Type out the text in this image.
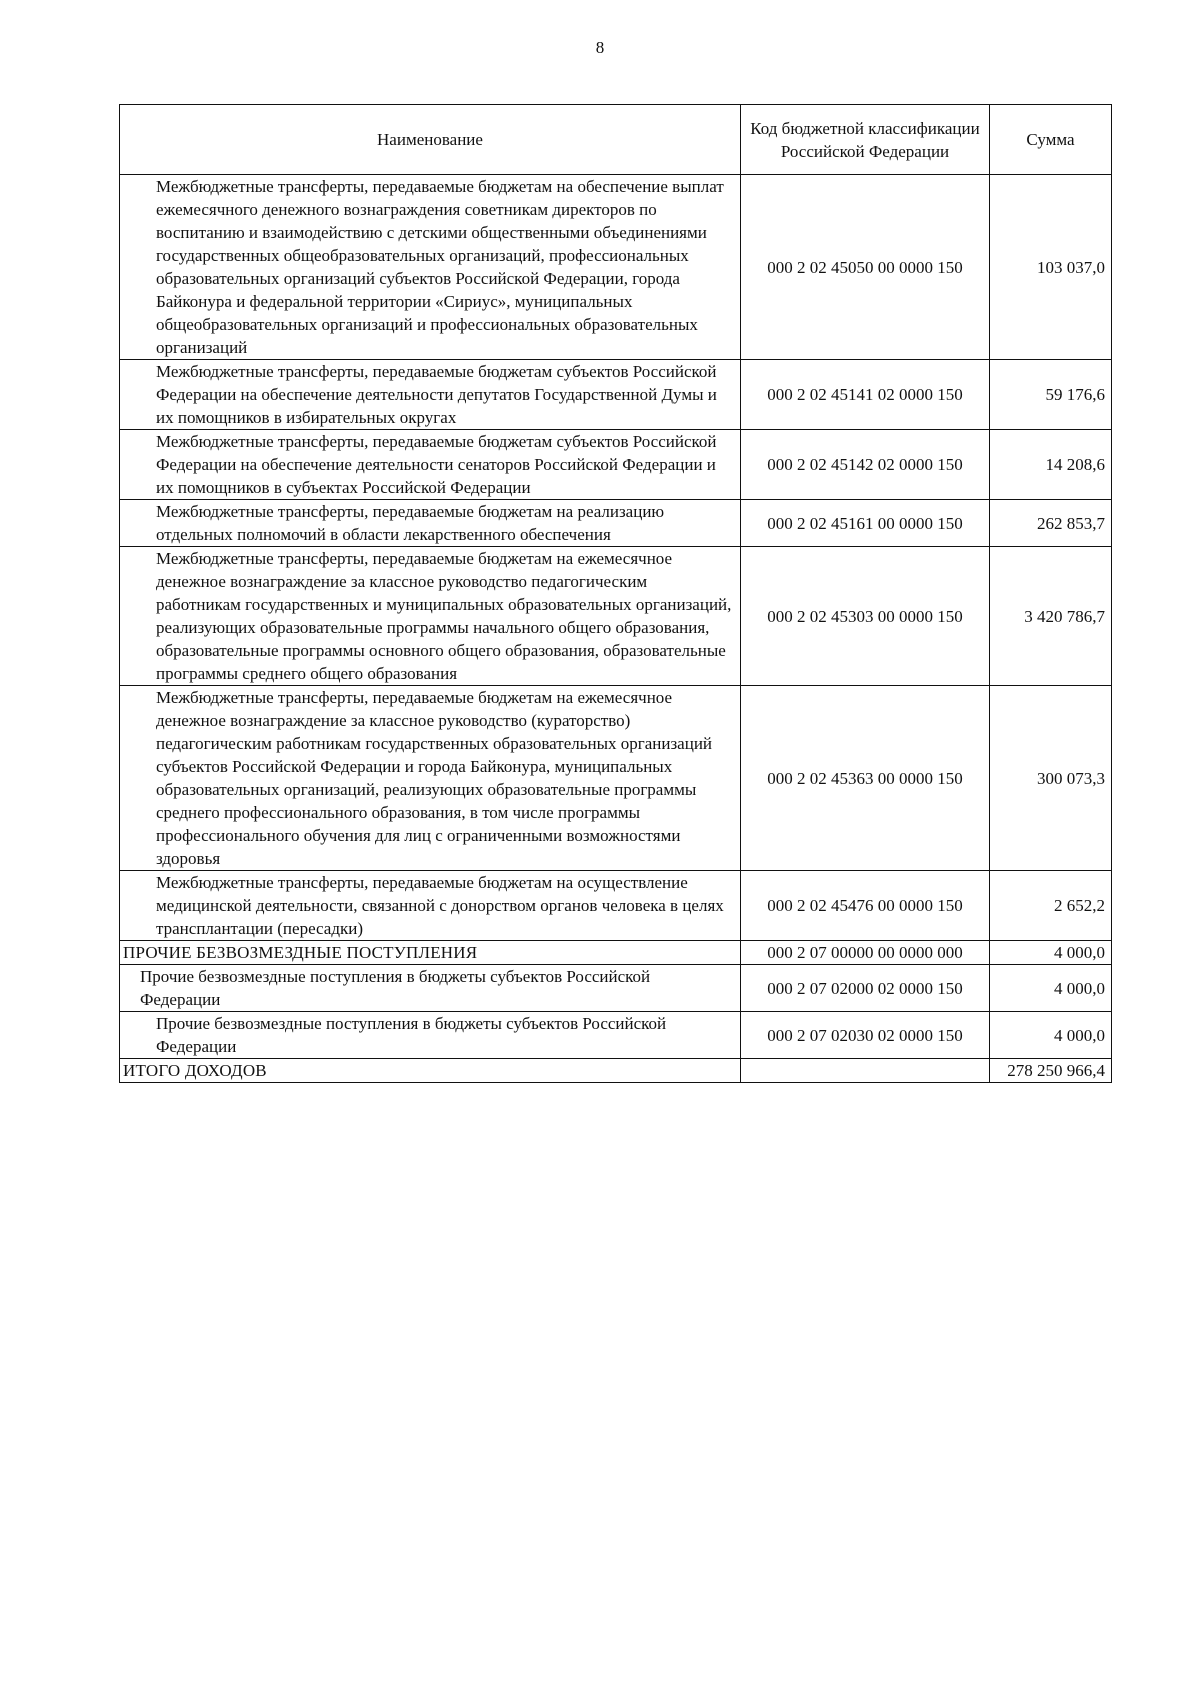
8
Наименование	Код бюджетной классификации Российской Федерации	Сумма
Межбюджетные трансферты, передаваемые бюджетам на обеспечение выплат ежемесячного денежного вознаграждения советникам директоров по воспитанию и взаимодействию с детскими общественными объединениями государственных общеобразовательных организаций, профессиональных образовательных организаций субъектов Российской Федерации, города Байконура и федеральной территории «Сириус», муниципальных общеобразовательных организаций и профессиональных образовательных организаций	000 2 02 45050 00 0000 150	103 037,0
Межбюджетные трансферты, передаваемые бюджетам субъектов Российской Федерации на обеспечение деятельности депутатов Государственной Думы и их помощников в избирательных округах	000 2 02 45141 02 0000 150	59 176,6
Межбюджетные трансферты, передаваемые бюджетам субъектов Российской Федерации на обеспечение деятельности сенаторов Российской Федерации и их помощников в субъектах Российской Федерации	000 2 02 45142 02 0000 150	14 208,6
Межбюджетные трансферты, передаваемые бюджетам на реализацию отдельных полномочий в области лекарственного обеспечения	000 2 02 45161 00 0000 150	262 853,7
Межбюджетные трансферты, передаваемые бюджетам на ежемесячное денежное вознаграждение за классное руководство педагогическим работникам государственных и муниципальных образовательных организаций, реализующих образовательные программы начального общего образования, образовательные программы основного общего образования, образовательные программы среднего общего образования	000 2 02 45303 00 0000 150	3 420 786,7
Межбюджетные трансферты, передаваемые бюджетам на ежемесячное денежное вознаграждение за классное руководство (кураторство) педагогическим работникам государственных образовательных организаций субъектов Российской Федерации и города Байконура, муниципальных образовательных организаций, реализующих образовательные программы среднего профессионального образования, в том числе программы профессионального обучения для лиц с ограниченными возможностями здоровья	000 2 02 45363 00 0000 150	300 073,3
Межбюджетные трансферты, передаваемые бюджетам на осуществление медицинской деятельности, связанной с донорством органов человека в целях трансплантации (пересадки)	000 2 02 45476 00 0000 150	2 652,2
ПРОЧИЕ БЕЗВОЗМЕЗДНЫЕ ПОСТУПЛЕНИЯ	000 2 07 00000 00 0000 000	4 000,0
Прочие безвозмездные поступления в бюджеты субъектов Российской Федерации	000 2 07 02000 02 0000 150	4 000,0
Прочие безвозмездные поступления в бюджеты субъектов Российской Федерации	000 2 07 02030 02 0000 150	4 000,0
ИТОГО ДОХОДОВ		278 250 966,4
